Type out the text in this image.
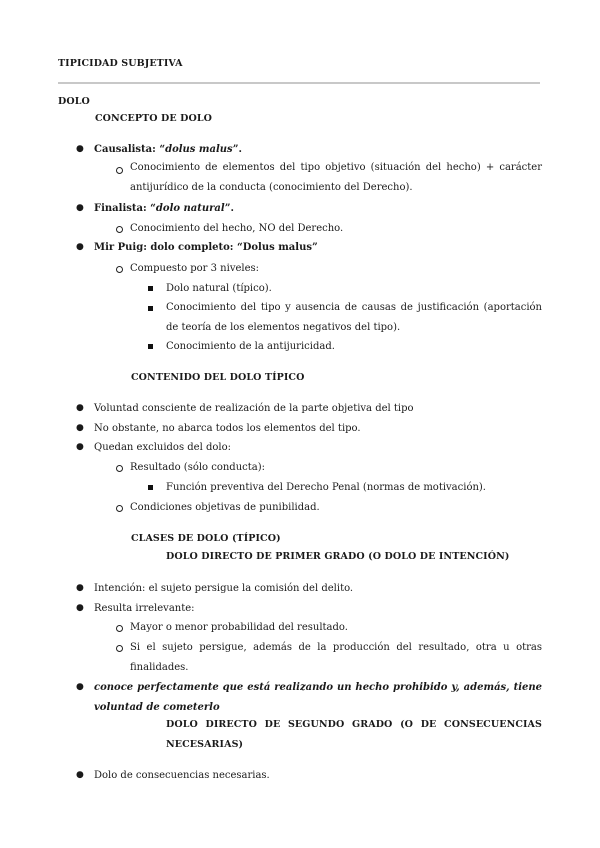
TIPICIDAD SUBJETIVA
DOLO
CONCEPTO DE DOLO
● Causalista: “dolus malus”.
Conocimiento de elementos del tipo objetivo (situación del hecho) + carácter antijurídico de la conducta (conocimiento del Derecho).
● Finalista: “dolo natural”.
Conocimiento del hecho, NO del Derecho.
● Mir Puig: dolo completo: “Dolus malus”
Compuesto por 3 niveles:
Dolo natural (típico).
Conocimiento del tipo y ausencia de causas de justificación (aportación de teoría de los elementos negativos del tipo).
Conocimiento de la antijuricidad.
CONTENIDO DEL DOLO TÍPICO
● Voluntad consciente de realización de la parte objetiva del tipo
● No obstante, no abarca todos los elementos del tipo.
● Quedan excluidos del dolo:
Resultado (sólo conducta):
Función preventiva del Derecho Penal (normas de motivación).
Condiciones objetivas de punibilidad.
CLASES DE DOLO (TÍPICO)
DOLO DIRECTO DE PRIMER GRADO (O DOLO DE INTENCIÓN)
● Intención: el sujeto persigue la comisión del delito.
● Resulta irrelevante:
Mayor o menor probabilidad del resultado.
Si el sujeto persigue, además de la producción del resultado, otra u otras finalidades.
● conoce perfectamente que está realizando un hecho prohibido y, además, tiene voluntad de cometerlo
DOLO DIRECTO DE SEGUNDO GRADO (O DE CONSECUENCIAS NECESARIAS)
● Dolo de consecuencias necesarias.
